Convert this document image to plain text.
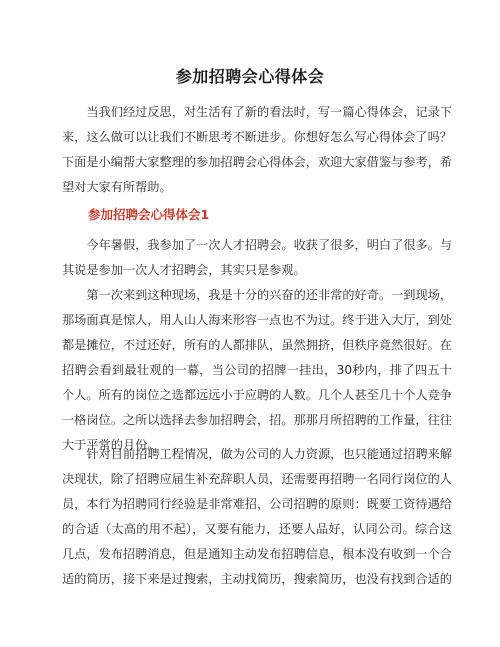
参加招聘会心得体会

当我们经过反思，对生活有了新的看法时，写一篇心得体会，记录下来，这么做可以让我们不断思考不断进步。你想好怎么写心得体会了吗？下面是小编帮大家整理的参加招聘会心得体会，欢迎大家借鉴与参考，希望对大家有所帮助。

参加招聘会心得体会1

今年暑假，我参加了一次人才招聘会。收获了很多，明白了很多。与其说是参加一次人才招聘会，其实只是参观。

第一次来到这种现场，我是十分的兴奋的还非常的好奇。一到现场，那场面真是惊人，用人山人海来形容一点也不为过。终于进入大厅，到处都是摊位，不过还好，所有的人都排队，虽然拥挤，但秩序竟然很好。在招聘会看到最壮观的一幕，当公司的招牌一挂出，30秒内，排了四五十个人。所有的岗位之选都远远小于应聘的人数。几个人甚至几十个人竞争一格岗位。之所以选择去参加招聘会，招。那那月所招聘的工作量，往往大于平常的月份。

针对目前招聘工程情况，做为公司的人力资源，也只能通过招聘来解决现状，除了招聘应届生补充辞职人员，还需要再招聘一名同行岗位的人员，本行为招聘同行经验是非常难招，公司招聘的原则：既要工资待遇给的合适（太高的用不起），又要有能力，还要人品好，认同公司。综合这几点，发布招聘消息，但是通知主动发布招聘信息，根本没有收到一个合适的简历，接下来是过搜索，主动找简历，搜索简历，也没有找到合适的
